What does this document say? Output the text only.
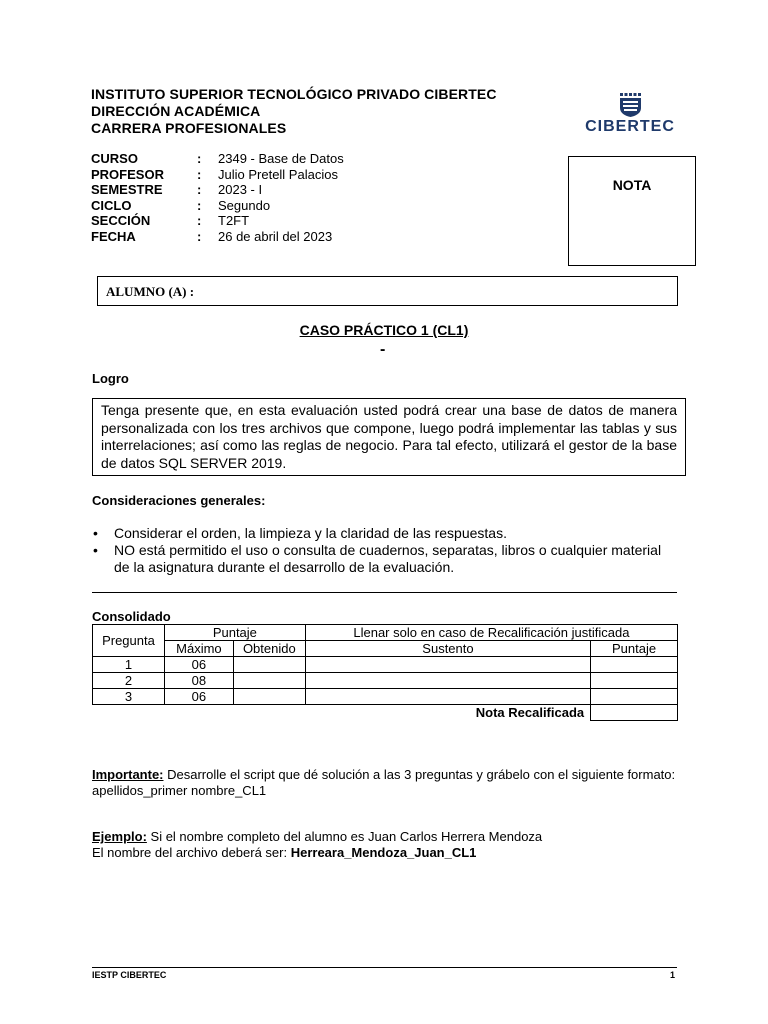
INSTITUTO SUPERIOR TECNOLÓGICO PRIVADO CIBERTEC
DIRECCIÓN ACADÉMICA
CARRERA PROFESIONALES	CIBERTEC
CURSO	: 2349 - Base de Datos
PROFESOR	: Julio Pretell Palacios
SEMESTRE	: 2023 - I
CICLO	: Segundo
SECCIÓN	: T2FT
FECHA	: 26 de abril del 2023
NOTA
ALUMNO (A) :
CASO PRÁCTICO 1 (CL1)
-
Logro
Tenga presente que, en esta evaluación usted podrá crear una base de datos de manera personalizada con los tres archivos que compone, luego podrá implementar las tablas y sus interrelaciones; así como las reglas de negocio. Para tal efecto, utilizará el gestor de la base de datos SQL SERVER 2019.
Consideraciones generales:
• Considerar el orden, la limpieza y la claridad de las respuestas.
• NO está permitido el uso o consulta de cuadernos, separatas, libros o cualquier material de la asignatura durante el desarrollo de la evaluación.
Consolidado
Pregunta	Puntaje		Llenar solo en caso de Recalificación justificada	
	Máximo	Obtenido	Sustento	Puntaje
1	06			
2	08			
3	06			
			Nota Recalificada	
Importante: Desarrolle el script que dé solución a las 3 preguntas y grábelo con el siguiente formato:
apellidos_primer nombre_CL1
Ejemplo: Si el nombre completo del alumno es Juan Carlos Herrera Mendoza
El nombre del archivo deberá ser: Herreara_Mendoza_Juan_CL1
IESTP CIBERTEC	1
